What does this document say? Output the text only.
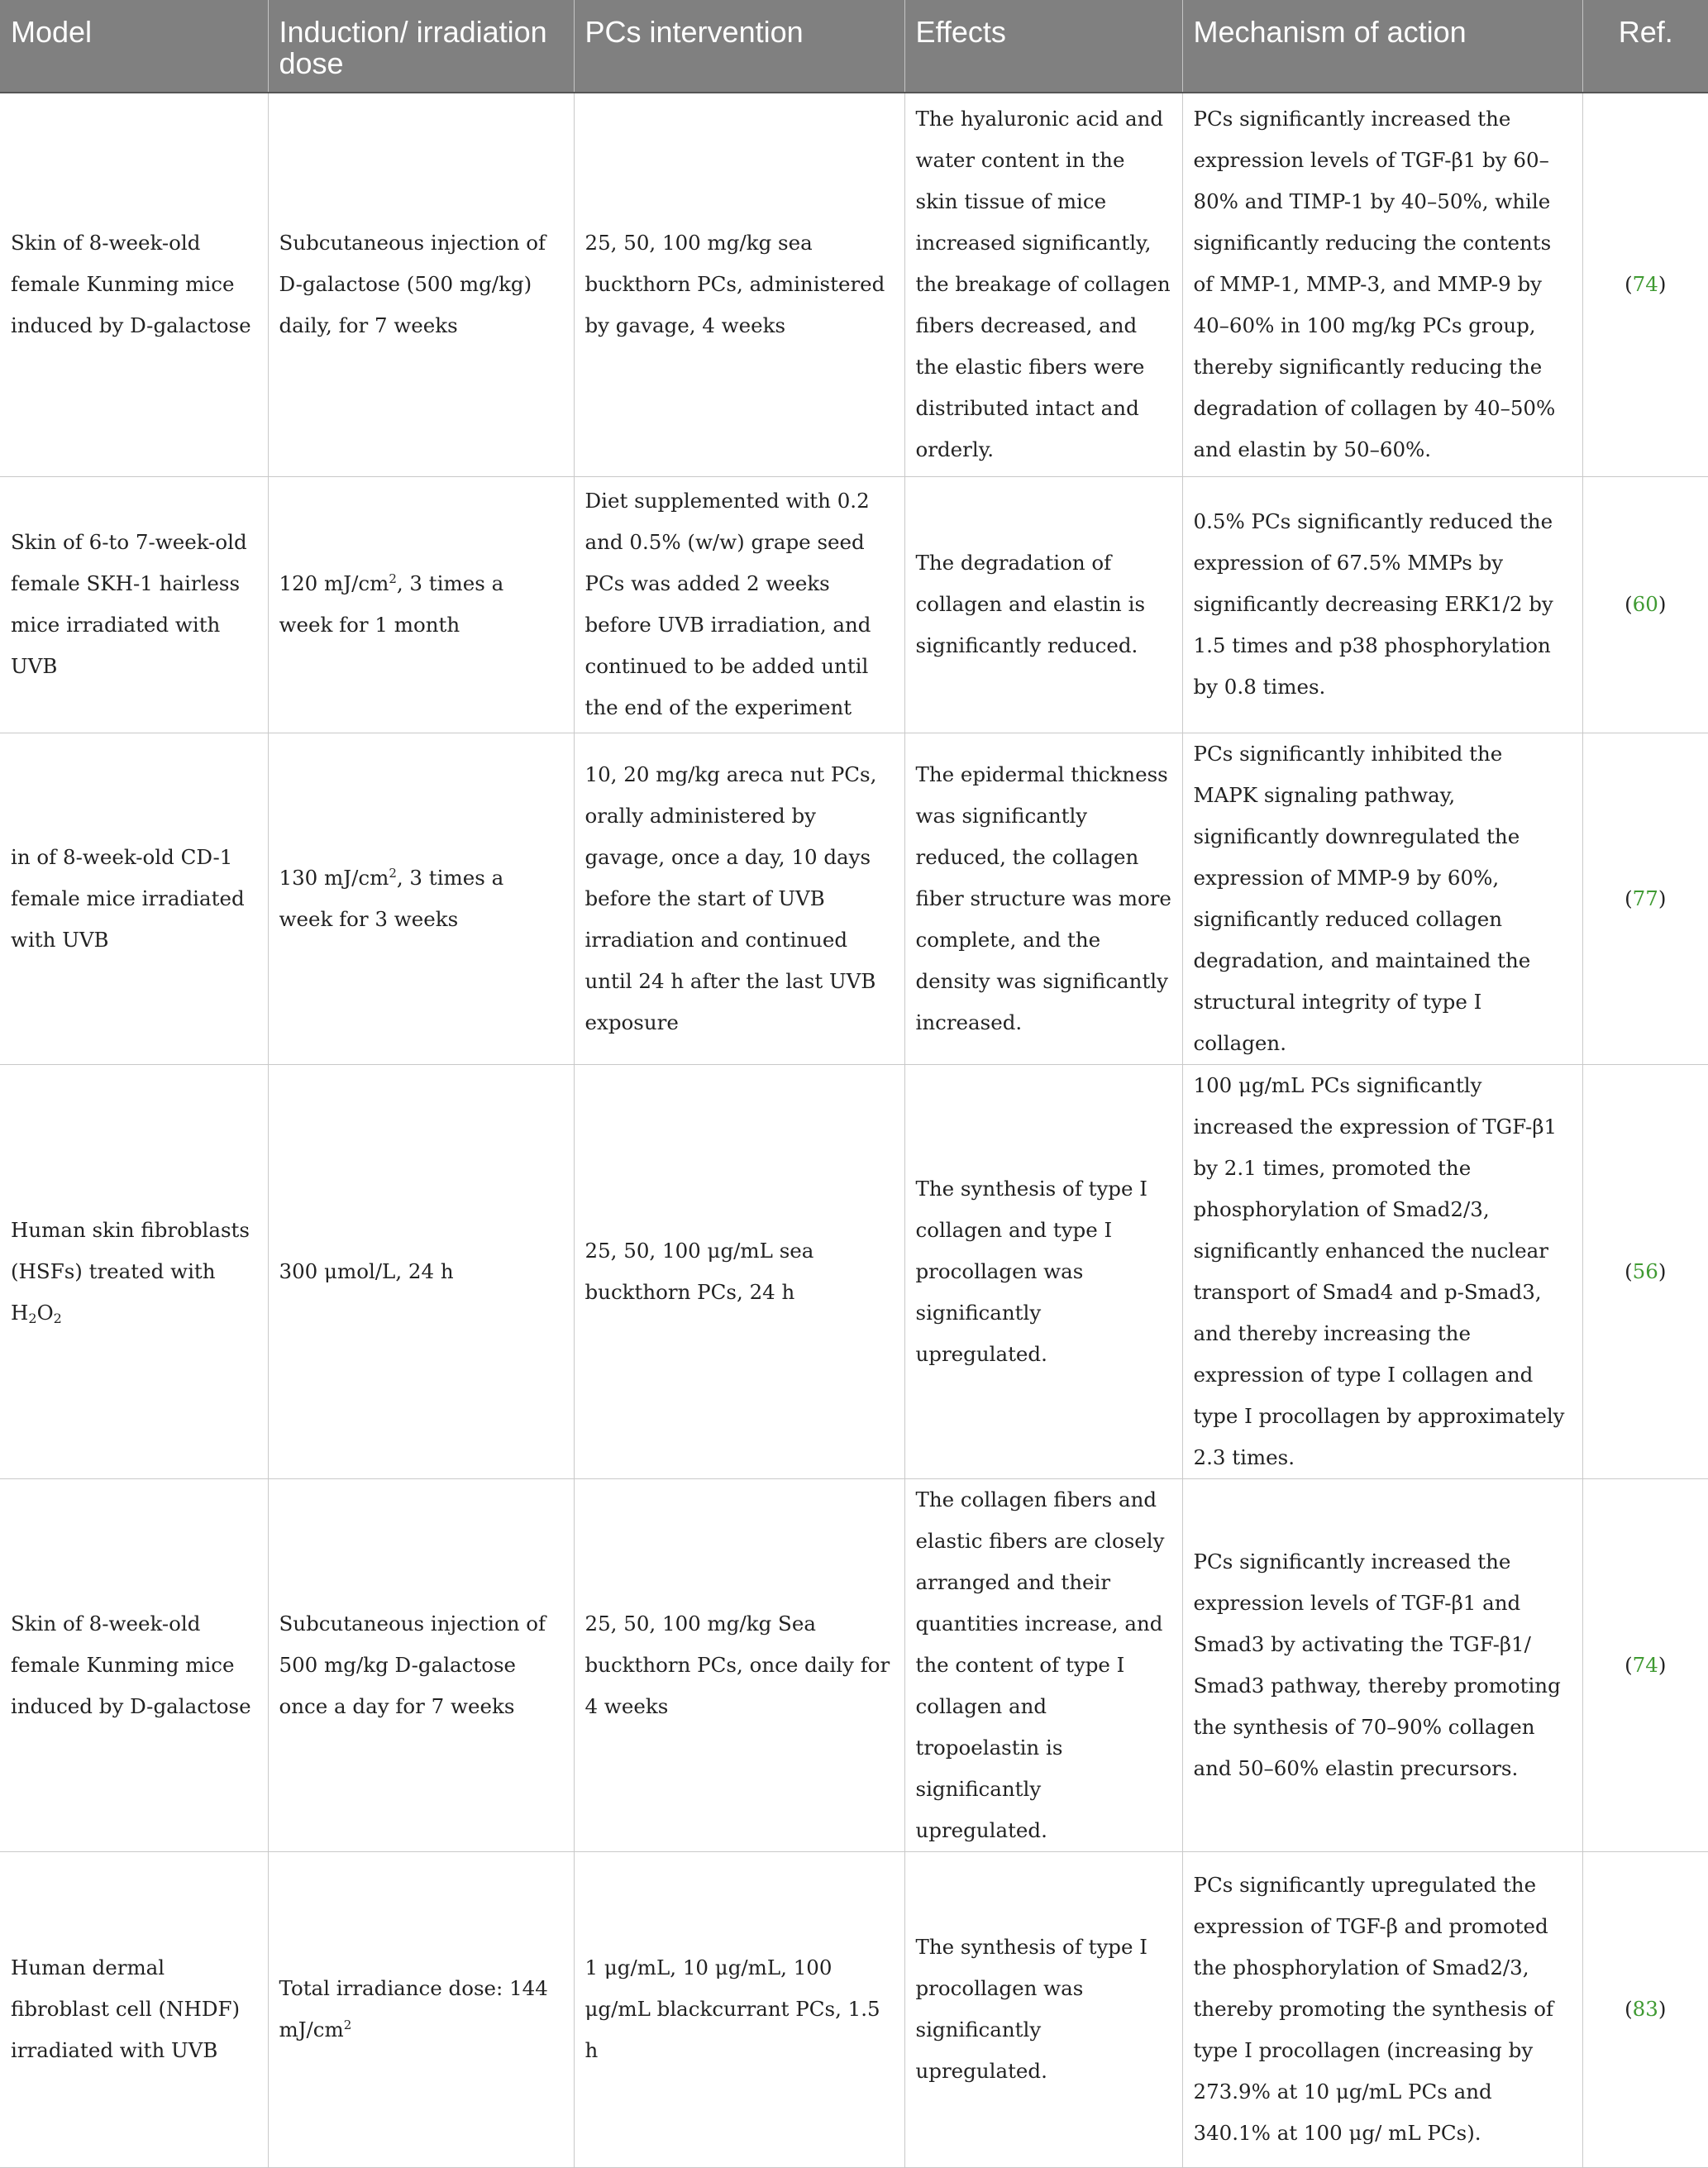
Model	Induction/ irradiation dose	PCs intervention	Effects	Mechanism of action	Ref.
Skin of 8-week-old female Kunming mice induced by D-galactose	Subcutaneous injection of D-galactose (500 mg/kg) daily, for 7 weeks	25, 50, 100 mg/kg sea buckthorn PCs, administered by gavage, 4 weeks	The hyaluronic acid and water content in the skin tissue of mice increased significantly, the breakage of collagen fibers decreased, and the elastic fibers were distributed intact and orderly.	PCs significantly increased the expression levels of TGF-β1 by 60–80% and TIMP-1 by 40–50%, while significantly reducing the contents of MMP-1, MMP-3, and MMP-9 by 40–60% in 100 mg/kg PCs group, thereby significantly reducing the degradation of collagen by 40–50% and elastin by 50–60%.	(74)
Skin of 6-to 7-week-old female SKH-1 hairless mice irradiated with UVB	120 $mJ/cm^2$, 3 times a week for 1 month	Diet supplemented with 0.2 and 0.5% (w/w) grape seed PCs was added 2 weeks before UVB irradiation, and continued to be added until the end of the experiment	The degradation of collagen and elastin is significantly reduced.	0.5% PCs significantly reduced the expression of 67.5% MMPs by significantly decreasing ERK1/2 by 1.5 times and p38 phosphorylation by 0.8 times.	(60)
in of 8-week-old CD-1 female mice irradiated with UVB	130 $mJ/cm^2$, 3 times a week for 3 weeks	10, 20 mg/kg areca nut PCs, orally administered by gavage, once a day, 10 days before the start of UVB irradiation and continued until 24 h after the last UVB exposure	The epidermal thickness was significantly reduced, the collagen fiber structure was more complete, and the density was significantly increased.	PCs significantly inhibited the MAPK signaling pathway, significantly downregulated the expression of MMP-9 by 60%, significantly reduced collagen degradation, and maintained the structural integrity of type I collagen.	(77)
Human skin fibroblasts (HSFs) treated with $H_2O_2$	300 μmol/L, 24 h	25, 50, 100 μg/mL sea buckthorn PCs, 24 h	The synthesis of type I collagen and type I procollagen was significantly upregulated.	100 μg/mL PCs significantly increased the expression of TGF-β1 by 2.1 times, promoted the phosphorylation of Smad2/3, significantly enhanced the nuclear transport of Smad4 and p-Smad3, and thereby increasing the expression of type I collagen and type I procollagen by approximately 2.3 times.	(56)
Skin of 8-week-old female Kunming mice induced by D-galactose	Subcutaneous injection of 500 mg/kg D-galactose once a day for 7 weeks	25, 50, 100 mg/kg Sea buckthorn PCs, once daily for 4 weeks	The collagen fibers and elastic fibers are closely arranged and their quantities increase, and the content of type I collagen and tropoelastin is significantly upregulated.	PCs significantly increased the expression levels of TGF-β1 and Smad3 by activating the TGF-β1/ Smad3 pathway, thereby promoting the synthesis of 70–90% collagen and 50–60% elastin precursors.	(74)
Human dermal fibroblast cell (NHDF) irradiated with UVB	Total irradiance dose: 144 $mJ/cm^2$	1 μg/mL, 10 μg/mL, 100 μg/mL blackcurrant PCs, 1.5 h	The synthesis of type I procollagen was significantly upregulated.	PCs significantly upregulated the expression of TGF-β and promoted the phosphorylation of Smad2/3, thereby promoting the synthesis of type I procollagen (increasing by 273.9% at 10 μg/mL PCs and 340.1% at 100 μg/ mL PCs).	(83)
